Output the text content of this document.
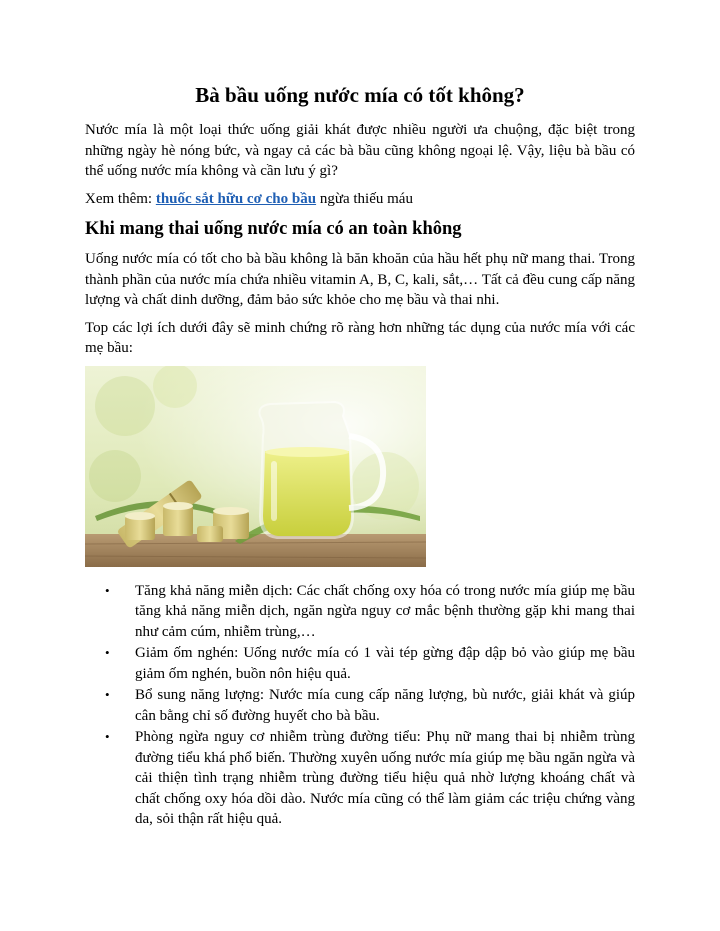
Bà bầu uống nước mía có tốt không?

Nước mía là một loại thức uống giải khát được nhiều người ưa chuộng, đặc biệt trong những ngày hè nóng bức, và ngay cả các bà bầu cũng không ngoại lệ. Vậy, liệu bà bầu có thể uống nước mía không và cần lưu ý gì?

Xem thêm: thuốc sắt hữu cơ cho bầu ngừa thiếu máu

Khi mang thai uống nước mía có an toàn không

Uống nước mía có tốt cho bà bầu không là băn khoăn của hầu hết phụ nữ mang thai. Trong thành phần của nước mía chứa nhiều vitamin A, B, C, kali, sắt,… Tất cả đều cung cấp năng lượng và chất dinh dưỡng, đảm bảo sức khỏe cho mẹ bầu và thai nhi.

Top các lợi ích dưới đây sẽ minh chứng rõ ràng hơn những tác dụng của nước mía với các mẹ bầu:

• Tăng khả năng miễn dịch: Các chất chống oxy hóa có trong nước mía giúp mẹ bầu tăng khả năng miễn dịch, ngăn ngừa nguy cơ mắc bệnh thường gặp khi mang thai như cảm cúm, nhiễm trùng,…
• Giảm ốm nghén: Uống nước mía có 1 vài tép gừng đập dập bỏ vào giúp mẹ bầu giảm ốm nghén, buồn nôn hiệu quả.
• Bổ sung năng lượng: Nước mía cung cấp năng lượng, bù nước, giải khát và giúp cân bằng chỉ số đường huyết cho bà bầu.
• Phòng ngừa nguy cơ nhiễm trùng đường tiểu: Phụ nữ mang thai bị nhiễm trùng đường tiểu khá phổ biến. Thường xuyên uống nước mía giúp mẹ bầu ngăn ngừa và cải thiện tình trạng nhiễm trùng đường tiểu hiệu quả nhờ lượng khoáng chất và chất chống oxy hóa dồi dào. Nước mía cũng có thể làm giảm các triệu chứng vàng da, sỏi thận rất hiệu quả.
